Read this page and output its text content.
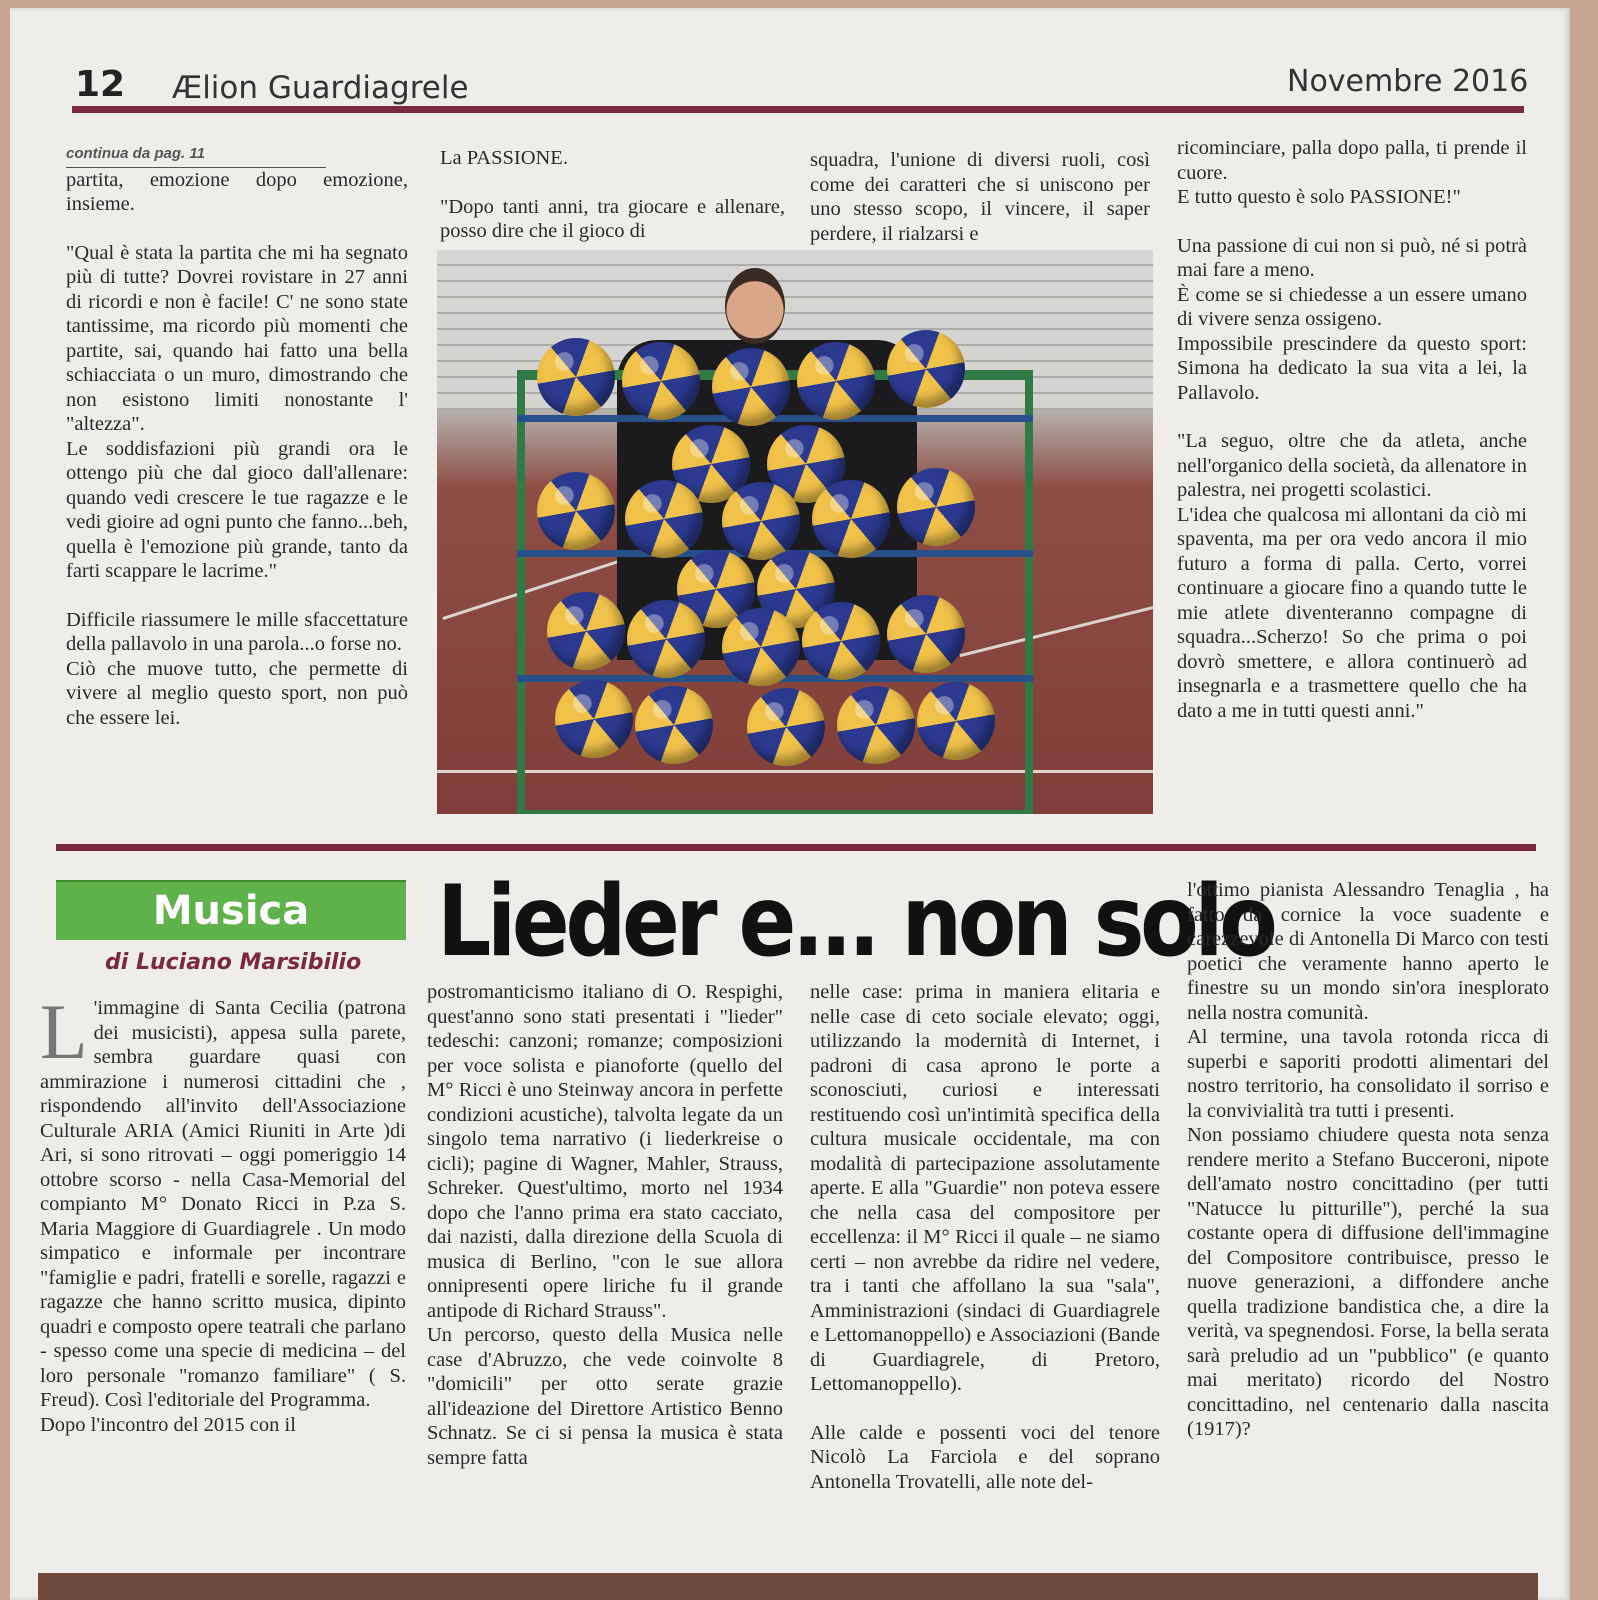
12 Ælion Guardiagrele	Novembre 2016

continua da pag. 11

partita, emozione dopo emozione, insieme.

"Qual è stata la partita che mi ha segnato più di tutte? Dovrei rovistare in 27 anni di ricordi e non è facile! C' ne sono state tantissime, ma ricordo più momenti che partite, sai, quando hai fatto una bella schiacciata o un muro, dimostrando che non esistono limiti nonostante l' "altezza".

Le soddisfazioni più grandi ora le ottengo più che dal gioco dall'allenare: quando vedi crescere le tue ragazze e le vedi gioire ad ogni punto che fanno...beh, quella è l'emozione più grande, tanto da farti scappare le lacrime."

Difficile riassumere le mille sfaccettature della pallavolo in una parola...o forse no.

Ciò che muove tutto, che permette di vivere al meglio questo sport, non può che essere lei.

La PASSIONE.

"Dopo tanti anni, tra giocare e allenare, posso dire che il gioco di

squadra, l'unione di diversi ruoli, così come dei caratteri che si uniscono per uno stesso scopo, il vincere, il saper perdere, il rialzarsi e

ricominciare, palla dopo palla, ti prende il cuore.

E tutto questo è solo PASSIONE!"

Una passione di cui non si può, né si potrà mai fare a meno.

È come se si chiedesse a un essere umano di vivere senza ossigeno.

Impossibile prescindere da questo sport: Simona ha dedicato la sua vita a lei, la Pallavolo.

"La seguo, oltre che da atleta, anche nell'organico della società, da allenatore in palestra, nei progetti scolastici.

L'idea che qualcosa mi allontani da ciò mi spaventa, ma per ora vedo ancora il mio futuro a forma di palla. Certo, vorrei continuare a giocare fino a quando tutte le mie atlete diventeranno compagne di squadra...Scherzo! So che prima o poi dovrò smettere, e allora continuerò ad insegnarla e a trasmettere quello che ha dato a me in tutti questi anni."

Musica
di Luciano Marsibilio Lieder e... non solo

L 'immagine di Santa Cecilia (patrona dei musicisti), appesa sulla parete, sembra guardare quasi con ammirazione i numerosi cittadini che , rispondendo all'invito dell'Associazione Culturale ARIA (Amici Riuniti in Arte )di Ari, si sono ritrovati – oggi pomeriggio 14 ottobre scorso - nella Casa-Memorial del compianto M° Donato Ricci in P.za S. Maria Maggiore di Guardiagrele . Un modo simpatico e informale per incontrare "famiglie e padri, fratelli e sorelle, ragazzi e ragazze che hanno scritto musica, dipinto quadri e composto opere teatrali che parlano - spesso come una specie di medicina – del loro personale "romanzo familiare" ( S. Freud). Così l'editoriale del Programma.

Dopo l'incontro del 2015 con il

postromanticismo italiano di O. Respighi, quest'anno sono stati presentati i "lieder" tedeschi: canzoni; romanze; composizioni per voce solista e pianoforte (quello del M° Ricci è uno Steinway ancora in perfette condizioni acustiche), talvolta legate da un singolo tema narrativo (i liederkreise o cicli); pagine di Wagner, Mahler, Strauss, Schreker. Quest'ultimo, morto nel 1934 dopo che l'anno prima era stato cacciato, dai nazisti, dalla direzione della Scuola di musica di Berlino, "con le sue allora onnipresenti opere liriche fu il grande antipode di Richard Strauss".

Un percorso, questo della Musica nelle case d'Abruzzo, che vede coinvolte 8 "domicili" per otto serate grazie all'ideazione del Direttore Artistico Benno Schnatz. Se ci si pensa la musica è stata sempre fatta

nelle case: prima in maniera elitaria e nelle case di ceto sociale elevato; oggi, utilizzando la modernità di Internet, i padroni di casa aprono le porte a sconosciuti, curiosi e interessati restituendo così un'intimità specifica della cultura musicale occidentale, ma con modalità di partecipazione assolutamente aperte. E alla "Guardie" non poteva essere che nella casa del compositore per eccellenza: il M° Ricci il quale – ne siamo certi – non avrebbe da ridire nel vedere, tra i tanti che affollano la sua "sala", Amministrazioni (sindaci di Guardiagrele e Lettomanoppello) e Associazioni (Bande di Guardiagrele, di Pretoro, Lettomanoppello).

Alle calde e possenti voci del tenore Nicolò La Farciola e del soprano Antonella Trovatelli, alle note del-

l'ottimo pianista Alessandro Tenaglia , ha fatto da cornice la voce suadente e carezzevole di Antonella Di Marco con testi poetici che veramente hanno aperto le finestre su un mondo sin'ora inesplorato nella nostra comunità.

Al termine, una tavola rotonda ricca di superbi e saporiti prodotti alimentari del nostro territorio, ha consolidato il sorriso e la convivialità tra tutti i presenti.

Non possiamo chiudere questa nota senza rendere merito a Stefano Bucceroni, nipote dell'amato nostro concittadino (per tutti "Natucce lu pitturille"), perché la sua costante opera di diffusione dell'immagine del Compositore contribuisce, presso le nuove generazioni, a diffondere anche quella tradizione bandistica che, a dire la verità, va spegnendosi. Forse, la bella serata sarà preludio ad un "pubblico" (e quanto mai meritato) ricordo del Nostro concittadino, nel centenario dalla nascita (1917)?
